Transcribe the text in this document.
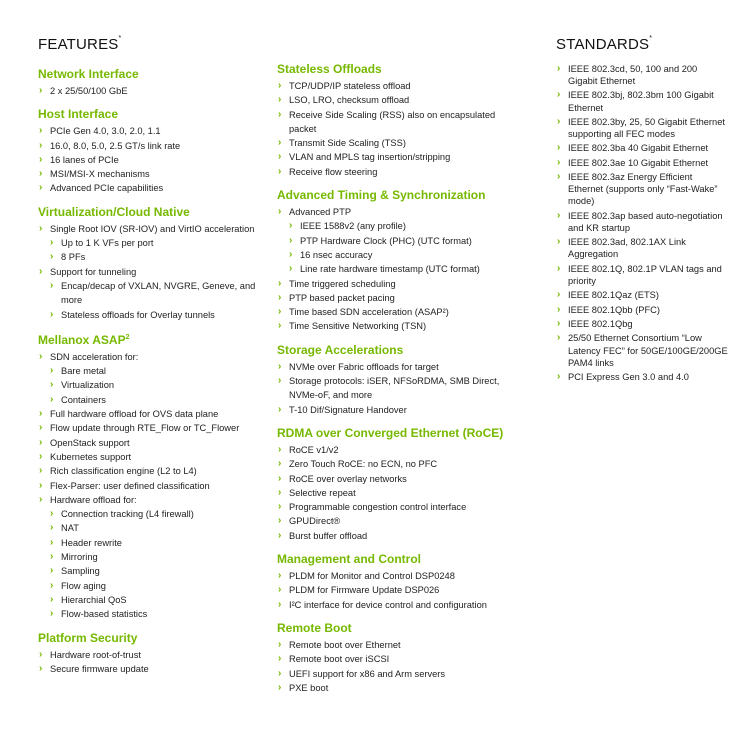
FEATURES*
Network Interface
› 2 x 25/50/100 GbE
Host Interface
› PCIe Gen 4.0, 3.0, 2.0, 1.1
› 16.0, 8.0, 5.0, 2.5 GT/s link rate
› 16 lanes of PCIe
› MSI/MSI-X mechanisms
› Advanced PCIe capabilities
Virtualization/Cloud Native
› Single Root IOV (SR-IOV) and VirtIO acceleration
› Up to 1 K VFs per port
› 8 PFs
› Support for tunneling
› Encap/decap of VXLAN, NVGRE, Geneve, and more
› Stateless offloads for Overlay tunnels
Mellanox ASAP$^2$
› SDN acceleration for:
› Bare metal
› Virtualization
› Containers
› Full hardware offload for OVS data plane
› Flow update through RTE_Flow or TC_Flower
› OpenStack support
› Kubernetes support
› Rich classification engine (L2 to L4)
› Flex-Parser: user defined classification
› Hardware offload for:
› Connection tracking (L4 firewall)
› NAT
› Header rewrite
› Mirroring
› Sampling
› Flow aging
› Hierarchial QoS
› Flow-based statistics
Platform Security
› Hardware root-of-trust
› Secure firmware update
Stateless Offloads
› TCP/UDP/IP stateless offload
› LSO, LRO, checksum offload
› Receive Side Scaling (RSS) also on encapsulated packet
› Transmit Side Scaling (TSS)
› VLAN and MPLS tag insertion/stripping
› Receive flow steering
Advanced Timing & Synchronization
› Advanced PTP
› IEEE 1588v2 (any profile)
› PTP Hardware Clock (PHC) (UTC format)
› 16 nsec accuracy
› Line rate hardware timestamp (UTC format)
› Time triggered scheduling
› PTP based packet pacing
› Time based SDN acceleration (ASAP²)
› Time Sensitive Networking (TSN)
Storage Accelerations
› NVMe over Fabric offloads for target
› Storage protocols: iSER, NFSoRDMA, SMB Direct, NVMe-oF, and more
› T-10 Dif/Signature Handover
RDMA over Converged Ethernet (RoCE)
› RoCE v1/v2
› Zero Touch RoCE: no ECN, no PFC
› RoCE over overlay networks
› Selective repeat
› Programmable congestion control interface
› GPUDirect®
› Burst buffer offload
Management and Control
› PLDM for Monitor and Control DSP0248
› PLDM for Firmware Update DSP026
› I²C interface for device control and configuration
Remote Boot
› Remote boot over Ethernet
› Remote boot over iSCSI
› UEFI support for x86 and Arm servers
› PXE boot
STANDARDS*
› IEEE 802.3cd, 50, 100 and 200 Gigabit Ethernet
› IEEE 802.3bj, 802.3bm 100 Gigabit Ethernet
› IEEE 802.3by, 25, 50 Gigabit Ethernet supporting all FEC modes
› IEEE 802.3ba 40 Gigabit Ethernet
› IEEE 802.3ae 10 Gigabit Ethernet
› IEEE 802.3az Energy Efficient Ethernet (supports only “Fast-Wake” mode)
› IEEE 802.3ap based auto-negotiation and KR startup
› IEEE 802.3ad, 802.1AX Link Aggregation
› IEEE 802.1Q, 802.1P VLAN tags and priority
› IEEE 802.1Qaz (ETS)
› IEEE 802.1Qbb (PFC)
› IEEE 802.1Qbg
› 25/50 Ethernet Consortium “Low Latency FEC” for 50GE/100GE/200GE PAM4 links
› PCI Express Gen 3.0 and 4.0
